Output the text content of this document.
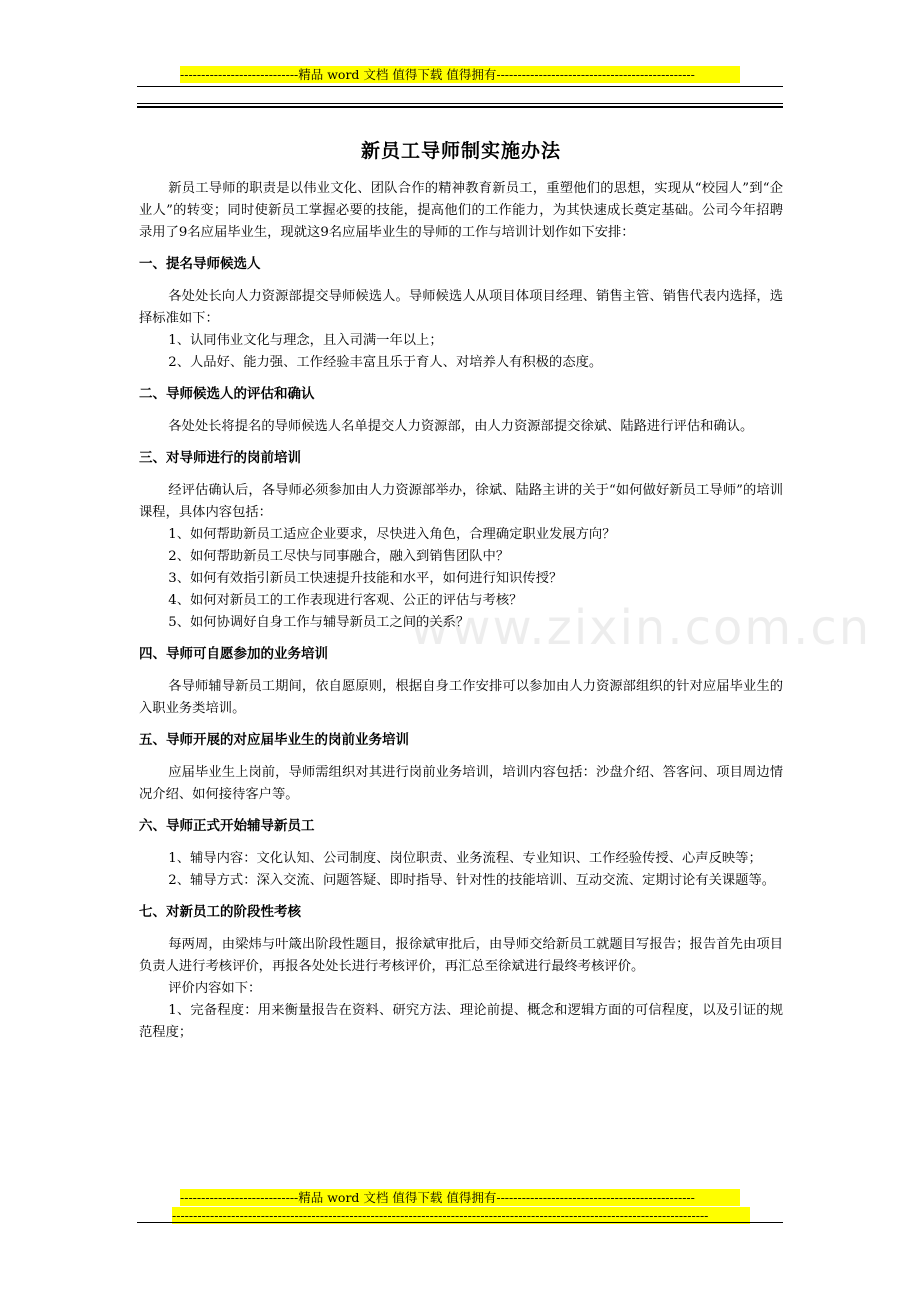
----------------------------精品 word 文档 值得下载 值得拥有-----------------------------------------------
www.zixin.com.cn
新员工导师制实施办法

新员工导师的职责是以伟业文化、团队合作的精神教育新员工，重塑他们的思想，实现从“校园人”到“企业人”的转变；同时使新员工掌握必要的技能，提高他们的工作能力，为其快速成长奠定基础。公司今年招聘录用了9名应届毕业生，现就这9名应届毕业生的导师的工作与培训计划作如下安排：

一、提名导师候选人

各处处长向人力资源部提交导师候选人。导师候选人从项目体项目经理、销售主管、销售代表内选择，选择标准如下：

1、认同伟业文化与理念，且入司满一年以上；

2、人品好、能力强、工作经验丰富且乐于育人、对培养人有积极的态度。

二、导师候选人的评估和确认

各处处长将提名的导师候选人名单提交人力资源部，由人力资源部提交徐斌、陆路进行评估和确认。

三、对导师进行的岗前培训

经评估确认后，各导师必须参加由人力资源部举办，徐斌、陆路主讲的关于“如何做好新员工导师”的培训课程，具体内容包括：

1、如何帮助新员工适应企业要求，尽快进入角色，合理确定职业发展方向？

2、如何帮助新员工尽快与同事融合，融入到销售团队中？

3、如何有效指引新员工快速提升技能和水平，如何进行知识传授？

4、如何对新员工的工作表现进行客观、公正的评估与考核？

5、如何协调好自身工作与辅导新员工之间的关系？

四、导师可自愿参加的业务培训

各导师辅导新员工期间，依自愿原则，根据自身工作安排可以参加由人力资源部组织的针对应届毕业生的入职业务类培训。

五、导师开展的对应届毕业生的岗前业务培训

应届毕业生上岗前，导师需组织对其进行岗前业务培训，培训内容包括：沙盘介绍、答客问、项目周边情况介绍、如何接待客户等。

六、导师正式开始辅导新员工

1、辅导内容：文化认知、公司制度、岗位职责、业务流程、专业知识、工作经验传授、心声反映等；

2、辅导方式：深入交流、问题答疑、即时指导、针对性的技能培训、互动交流、定期讨论有关课题等。

七、对新员工的阶段性考核

每两周，由梁炜与叶箴出阶段性题目，报徐斌审批后，由导师交给新员工就题目写报告；报告首先由项目负责人进行考核评价，再报各处处长进行考核评价，再汇总至徐斌进行最终考核评价。

评价内容如下：

1、完备程度：用来衡量报告在资料、研究方法、理论前提、概念和逻辑方面的可信程度，以及引证的规范程度；

----------------------------精品 word 文档 值得下载 值得拥有-----------------------------------------------
-------------------------------------------------------------------------------------------------------------------------------
